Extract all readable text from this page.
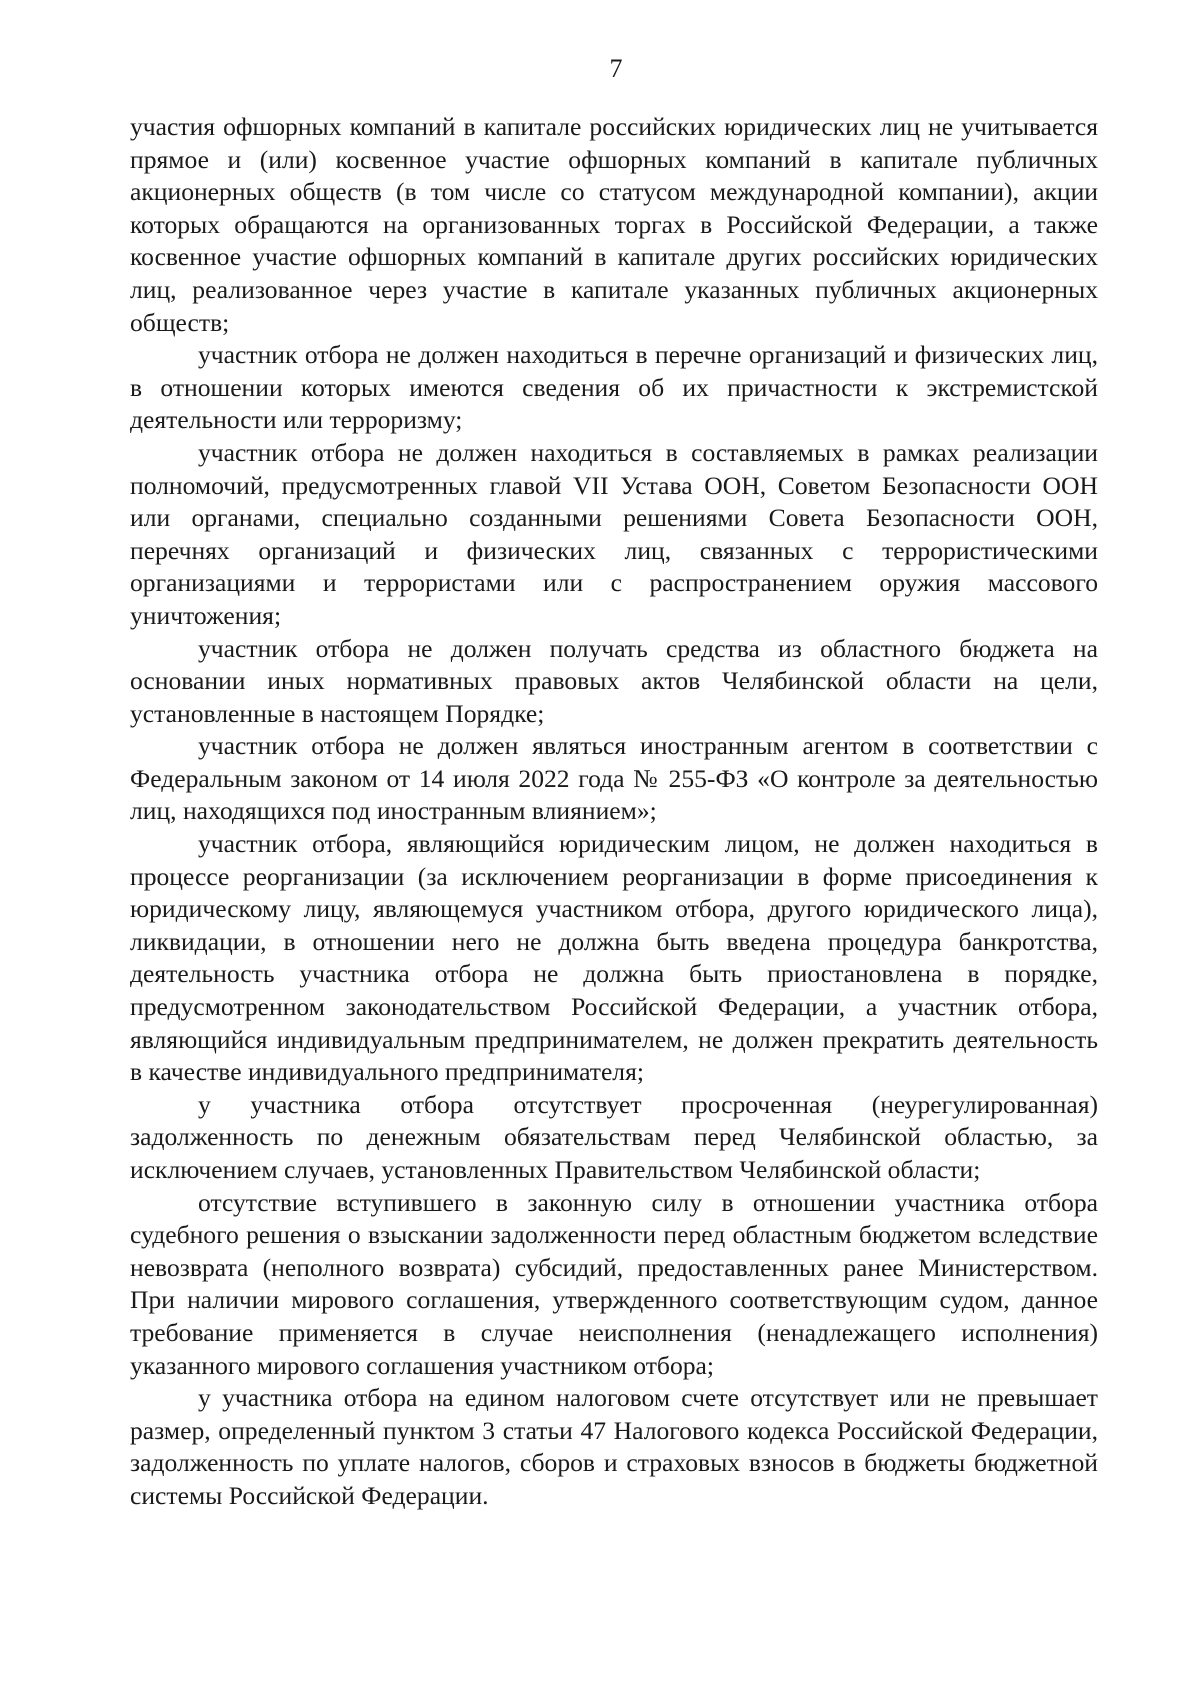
7

участия офшорных компаний в капитале российских юридических лиц не учитывается прямое и (или) косвенное участие офшорных компаний в капитале публичных акционерных обществ (в том числе со статусом международной компании), акции которых обращаются на организованных торгах в Российской Федерации, а также косвенное участие офшорных компаний в капитале других российских юридических лиц, реализованное через участие в капитале указанных публичных акционерных обществ;

участник отбора не должен находиться в перечне организаций и физических лиц, в отношении которых имеются сведения об их причастности к экстремистской деятельности или терроризму;

участник отбора не должен находиться в составляемых в рамках реализации полномочий, предусмотренных главой VII Устава ООН, Советом Безопасности ООН или органами, специально созданными решениями Совета Безопасности ООН, перечнях организаций и физических лиц, связанных с террористическими организациями и террористами или с распространением оружия массового уничтожения;

участник отбора не должен получать средства из областного бюджета на основании иных нормативных правовых актов Челябинской области на цели, установленные в настоящем Порядке;

участник отбора не должен являться иностранным агентом в соответствии с Федеральным законом от 14 июля 2022 года № 255-ФЗ «О контроле за деятельностью лиц, находящихся под иностранным влиянием»;

участник отбора, являющийся юридическим лицом, не должен находиться в процессе реорганизации (за исключением реорганизации в форме присоединения к юридическому лицу, являющемуся участником отбора, другого юридического лица), ликвидации, в отношении него не должна быть введена процедура банкротства, деятельность участника отбора не должна быть приостановлена в порядке, предусмотренном законодательством Российской Федерации, а участник отбора, являющийся индивидуальным предпринимателем, не должен прекратить деятельность в качестве индивидуального предпринимателя;

у участника отбора отсутствует просроченная (неурегулированная) задолженность по денежным обязательствам перед Челябинской областью, за исключением случаев, установленных Правительством Челябинской области;

отсутствие вступившего в законную силу в отношении участника отбора судебного решения о взыскании задолженности перед областным бюджетом вследствие невозврата (неполного возврата) субсидий, предоставленных ранее Министерством. При наличии мирового соглашения, утвержденного соответствующим судом, данное требование применяется в случае неисполнения (ненадлежащего исполнения) указанного мирового соглашения участником отбора;

у участника отбора на едином налоговом счете отсутствует или не превышает размер, определенный пунктом 3 статьи 47 Налогового кодекса Российской Федерации, задолженность по уплате налогов, сборов и страховых взносов в бюджеты бюджетной системы Российской Федерации.
